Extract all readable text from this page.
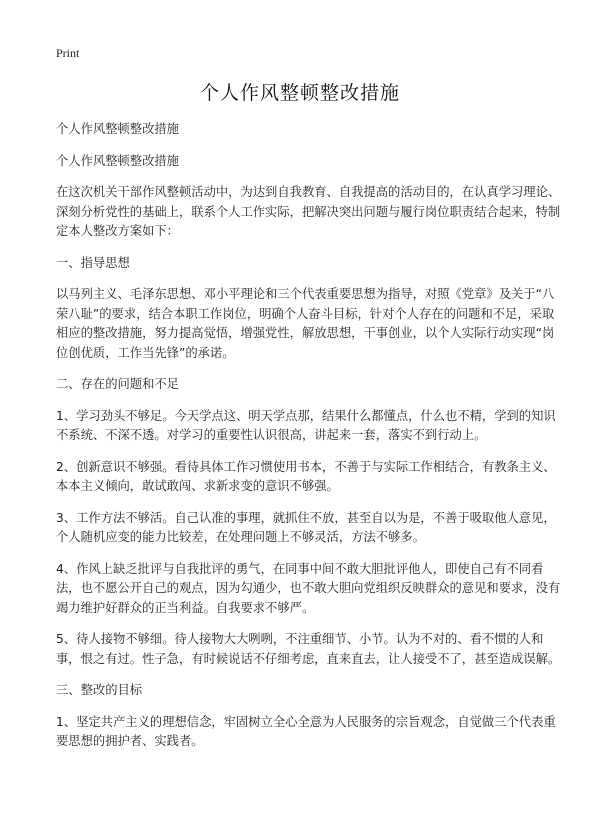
Print
个人作风整顿整改措施

个人作风整顿整改措施

个人作风整顿整改措施

在这次机关干部作风整顿活动中，为达到自我教育、自我提高的活动目的，在认真学习理论、深刻分析党性的基础上，联系个人工作实际，把解决突出问题与履行岗位职责结合起来，特制定本人整改方案如下：

一、指导思想

以马列主义、毛泽东思想、邓小平理论和三个代表重要思想为指导，对照《党章》及关于“八荣八耻”的要求，结合本职工作岗位，明确个人奋斗目标，针对个人存在的问题和不足，采取相应的整改措施，努力提高觉悟，增强党性，解放思想，干事创业，以个人实际行动实现“岗位创优质，工作当先锋”的承诺。

二、存在的问题和不足

1、学习劲头不够足。今天学点这、明天学点那，结果什么都懂点，什么也不精，学到的知识不系统、不深不透。对学习的重要性认识很高，讲起来一套，落实不到行动上。

2、创新意识不够强。看待具体工作习惯使用书本，不善于与实际工作相结合，有教条主义、本本主义倾向，敢试敢闯、求新求变的意识不够强。

3、工作方法不够活。自己认准的事理，就抓住不放，甚至自以为是，不善于吸取他人意见，个人随机应变的能力比较差，在处理问题上不够灵活，方法不够多。

4、作风上缺乏批评与自我批评的勇气，在同事中间不敢大胆批评他人，即使自己有不同看法，也不愿公开自己的观点，因为勾通少，也不敢大胆向党组织反映群众的意见和要求，没有竭力维护好群众的正当利益。自我要求不够严。

5、待人接物不够细。待人接物大大咧咧，不注重细节、小节。认为不对的、看不惯的人和事，恨之有过。性子急，有时候说话不仔细考虑，直来直去，让人接受不了，甚至造成误解。

三、整改的目标

1、坚定共产主义的理想信念，牢固树立全心全意为人民服务的宗旨观念，自觉做三个代表重要思想的拥护者、实践者。
